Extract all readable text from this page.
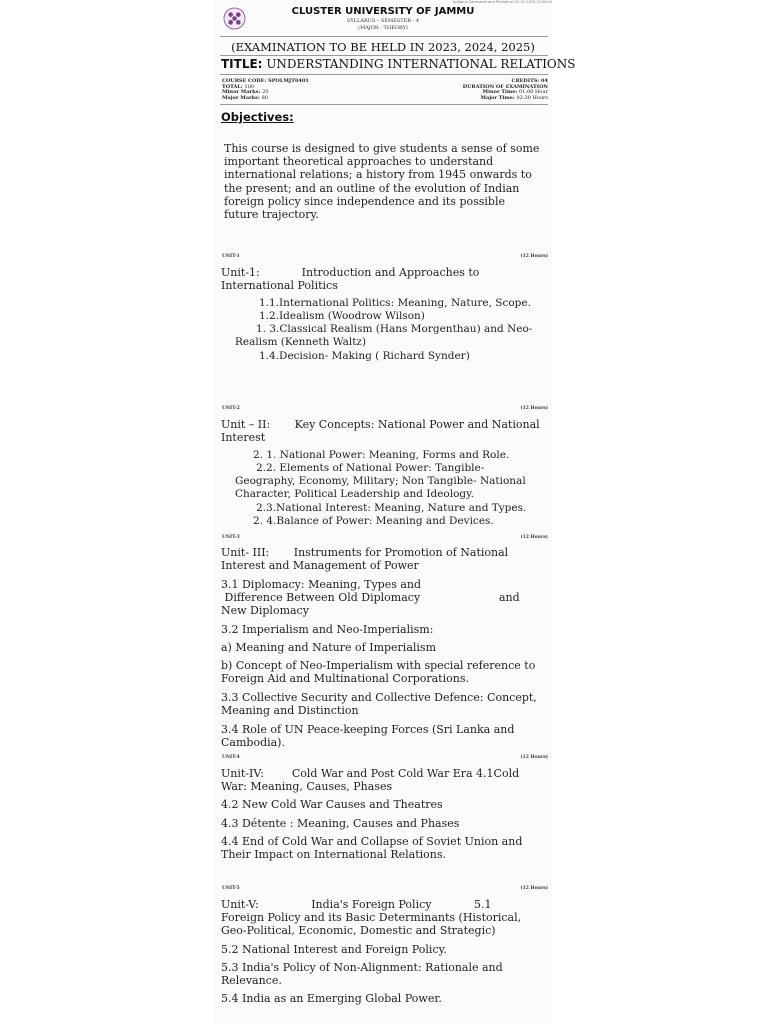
Syllabus Generated and Printed on 02-01-2023 13:40:00
CLUSTER UNIVERSITY OF JAMMU
SYLLABUS – SEMESTER - 4
(MAJOR - THEORY)
(EXAMINATION TO BE HELD IN 2023, 2024, 2025)
TITLE: UNDERSTANDING INTERNATIONAL RELATIONS
COURSE CODE: SPOLMJT0401
TOTAL: 100
Minor Marks: 20
Major Marks: 80
CREDITS: 04
DURATION OF EXAMINATION
Minor Time: 01:00 Hour
Major Time: 02:30 Hours
Objectives:
This course is designed to give students a sense of some
important theoretical approaches to understand
international relations; a history from 1945 onwards to
the present; and an outline of the evolution of Indian
foreign policy since independence and its possible
future trajectory.
UNIT-1	(12 Hours)
Unit-1:            Introduction and Approaches to
International Politics
1.1.International Politics: Meaning, Nature, Scope.
1.2.Idealism (Woodrow Wilson)
1. 3.Classical Realism (Hans Morgenthau) and Neo-
Realism (Kenneth Waltz)
1.4.Decision- Making ( Richard Synder)
UNIT-2	(12 Hours)
Unit – II:       Key Concepts: National Power and National
Interest
2. 1. National Power: Meaning, Forms and Role.
2.2. Elements of National Power: Tangible-
Geography, Economy, Military; Non Tangible- National
Character, Political Leadership and Ideology.
2.3.National Interest: Meaning, Nature and Types.
2. 4.Balance of Power: Meaning and Devices.
UNIT-3	(12 Hours)
Unit- III:       Instruments for Promotion of National
Interest and Management of Power
3.1 Diplomacy: Meaning, Types and
Difference Between Old Diplomacy	and
New Diplomacy
3.2 Imperialism and Neo-Imperialism:
a) Meaning and Nature of Imperialism
b) Concept of Neo-Imperialism with special reference to
Foreign Aid and Multinational Corporations.
3.3 Collective Security and Collective Defence: Concept,
Meaning and Distinction
3.4 Role of UN Peace-keeping Forces (Sri Lanka and
Cambodia).
UNIT-4	(12 Hours)
Unit-IV:        Cold War and Post Cold War Era 4.1Cold
War: Meaning, Causes, Phases
4.2 New Cold War Causes and Theatres
4.3 Détente : Meaning, Causes and Phases
4.4 End of Cold War and Collapse of Soviet Union and
Their Impact on International Relations.
UNIT-5	(12 Hours)
Unit-V:               India's Foreign Policy	5.1
Foreign Policy and its Basic Determinants (Historical,
Geo-Political, Economic, Domestic and Strategic)
5.2 National Interest and Foreign Policy.
5.3 India's Policy of Non-Alignment: Rationale and
Relevance.
5.4 India as an Emerging Global Power.
